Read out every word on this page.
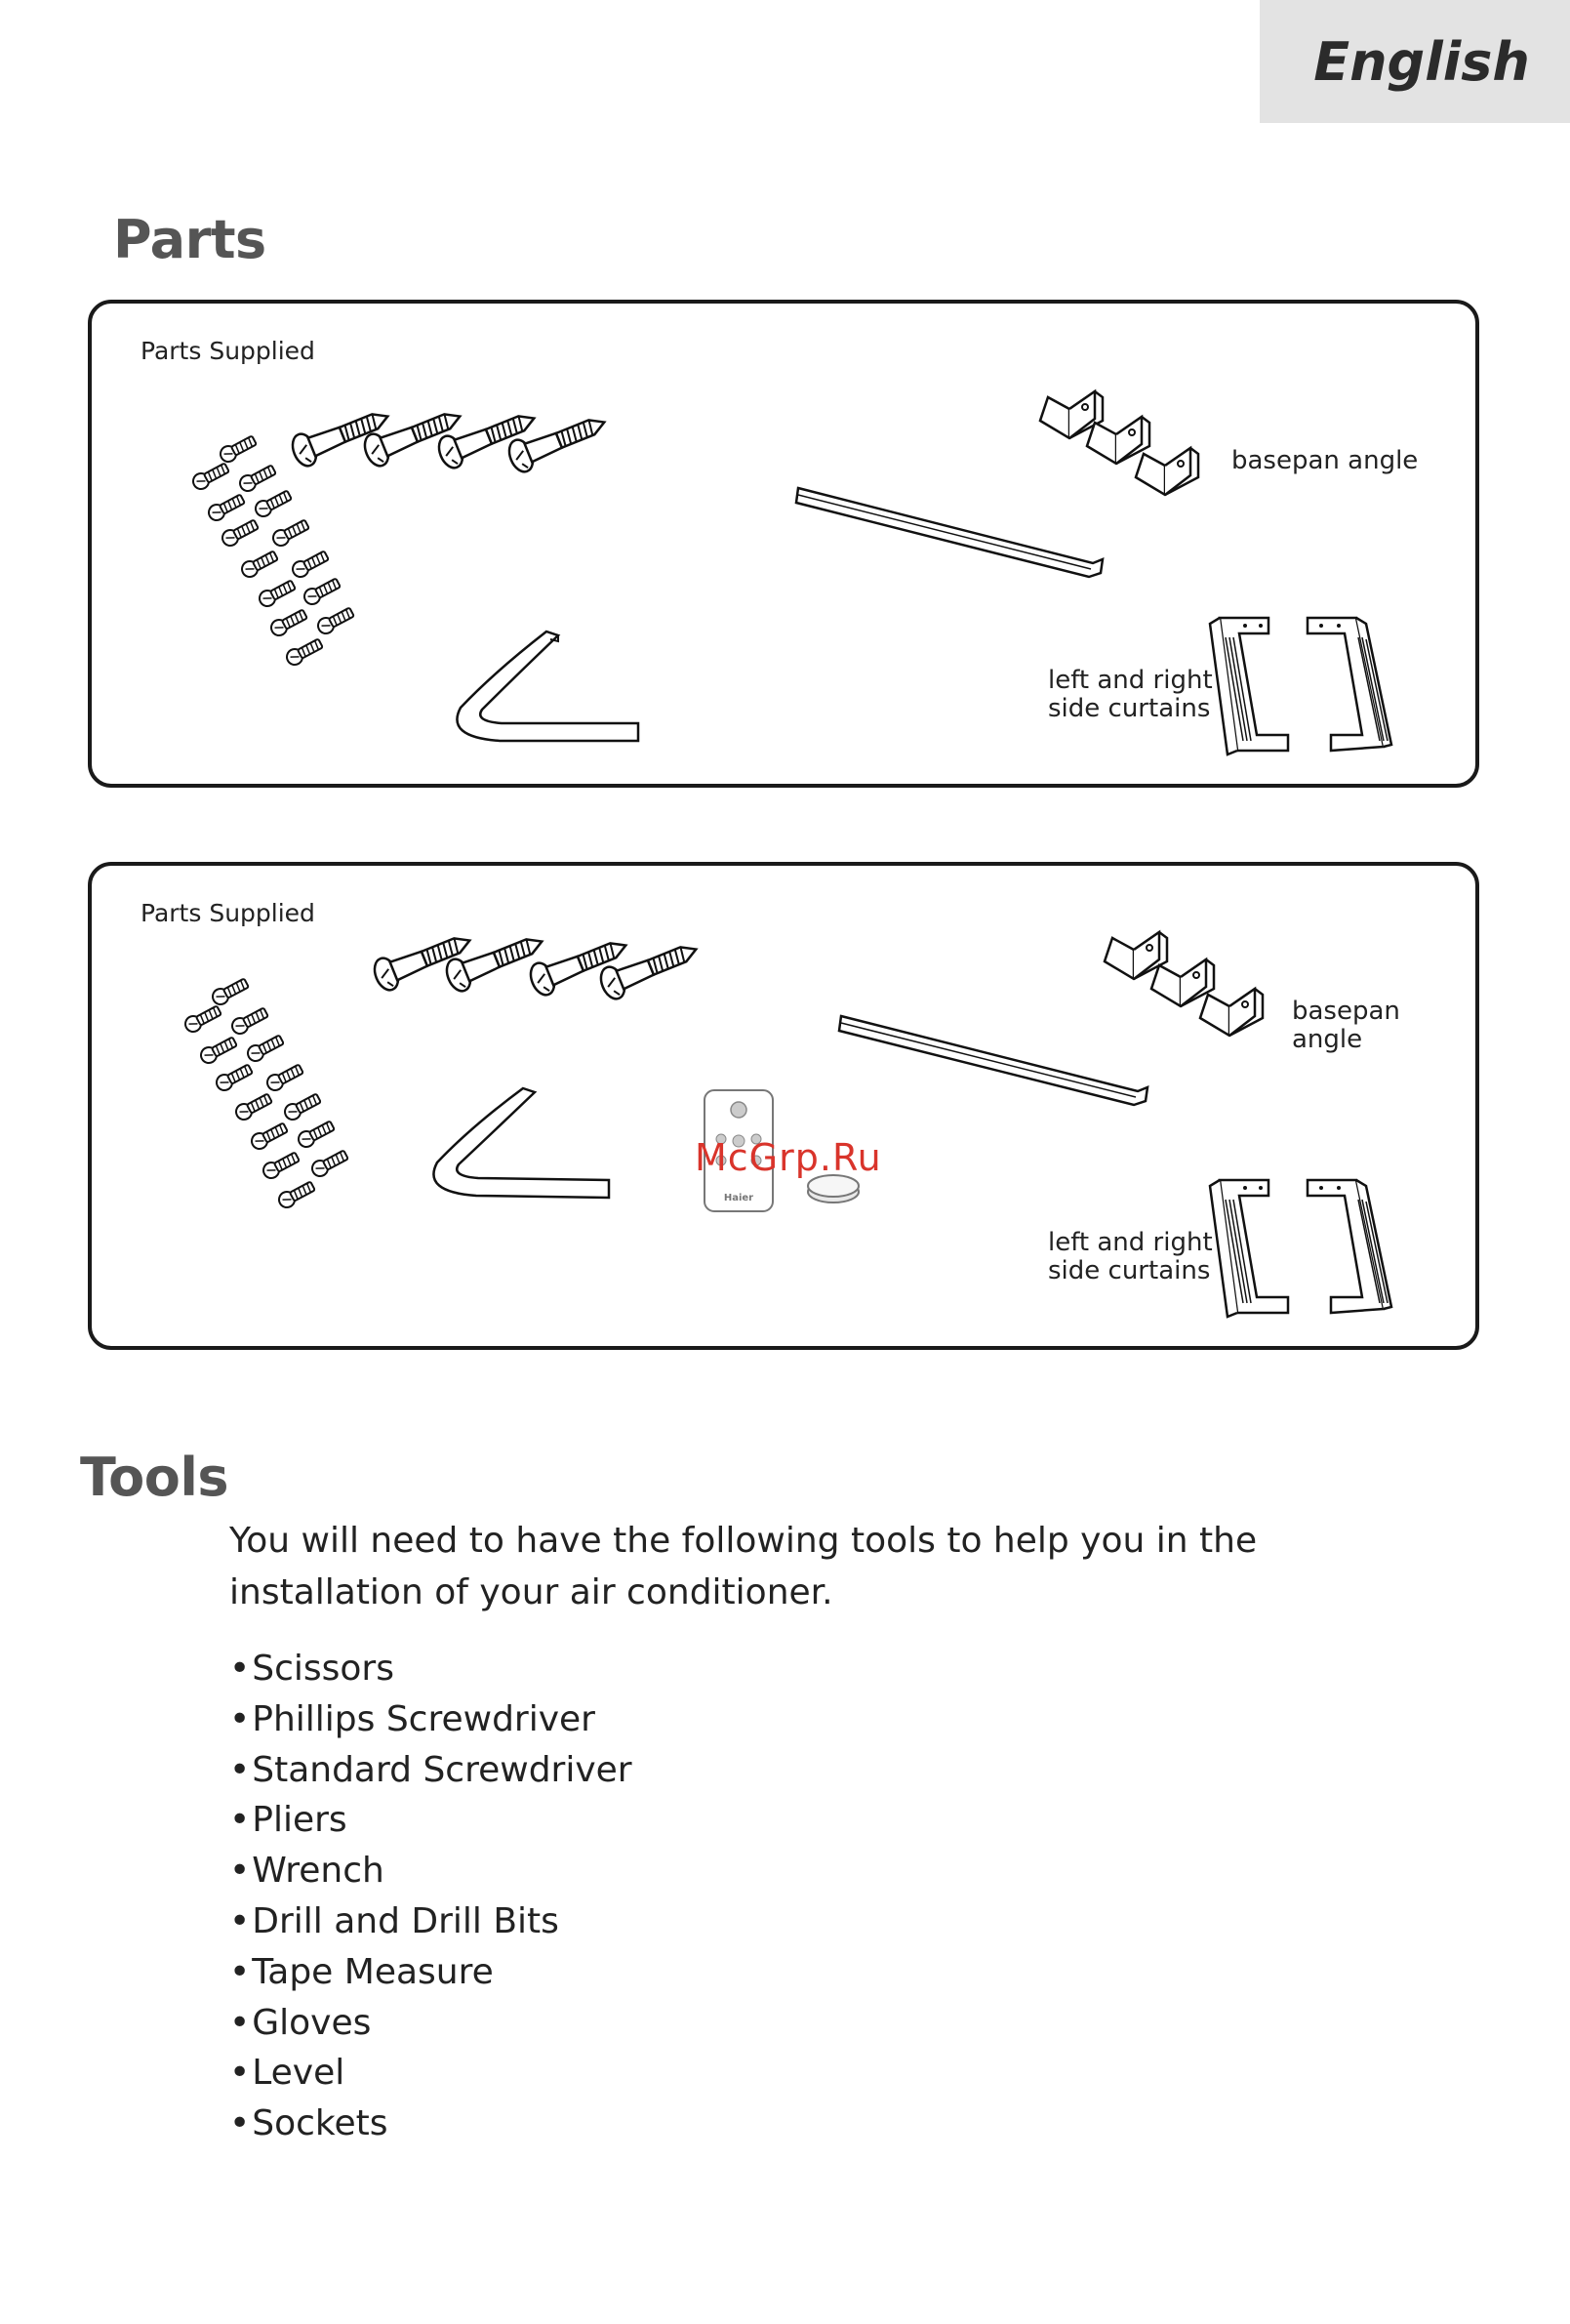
English
Parts
Parts Supplied
basepan angle
left and right
side curtains
Parts Supplied
Haier
basepan angle
left and right
side curtains
McGrp.Ru
Tools

You will need to have the following tools to help you in the installation of your air conditioner.

• Scissors
• Phillips Screwdriver
• Standard Screwdriver
• Pliers
• Wrench
• Drill and Drill Bits
• Tape Measure
• Gloves
• Level
• Sockets
